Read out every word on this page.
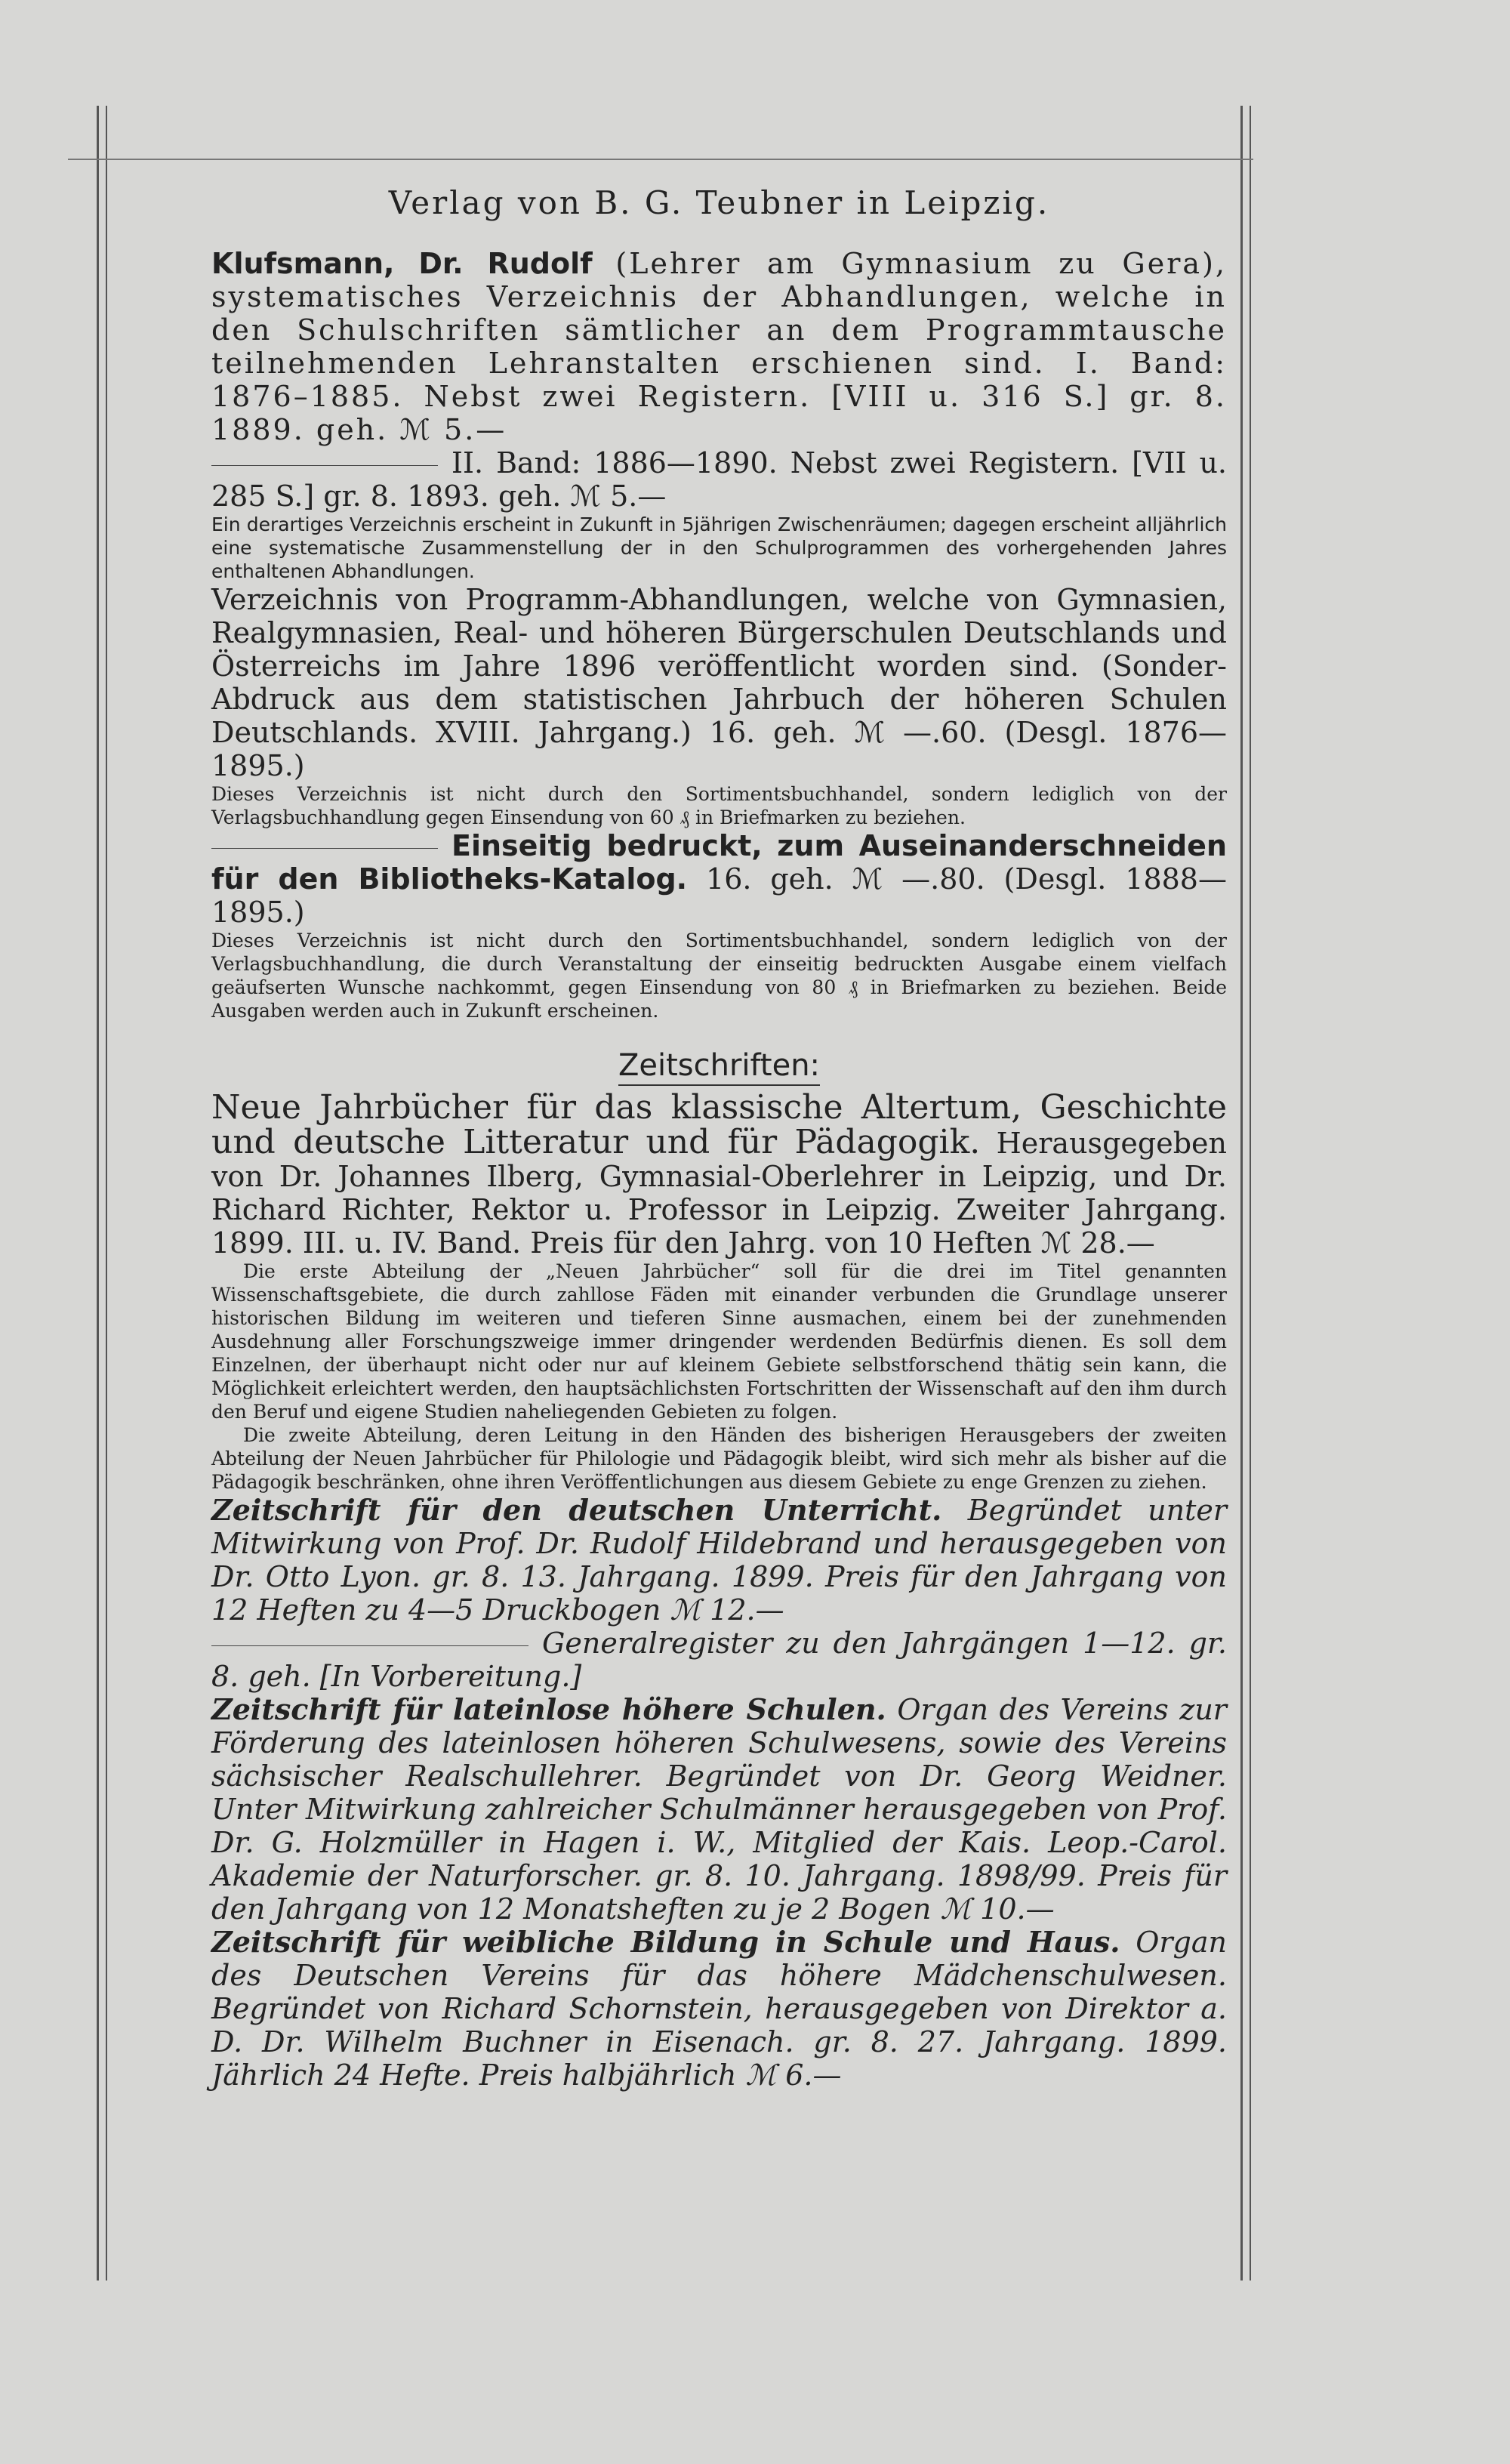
Verlag von B. G. Teubner in Leipzig.

Klufsmann, Dr. Rudolf (Lehrer am Gymnasium zu Gera), systematisches Verzeichnis der Abhandlungen, welche in den Schulschriften sämtlicher an dem Programmtausche teilnehmenden Lehranstalten erschienen sind. I. Band: 1876–1885. Nebst zwei Registern. [VIII u. 316 S.] gr. 8. 1889. geh. ℳ 5.—

II. Band: 1886—1890. Nebst zwei Registern. [VII u. 285 S.] gr. 8. 1893. geh. ℳ 5.—

Ein derartiges Verzeichnis erscheint in Zukunft in 5jährigen Zwischenräumen; dagegen erscheint alljährlich eine systematische Zusammenstellung der in den Schulprogrammen des vorhergehenden Jahres enthaltenen Abhandlungen.

Verzeichnis von Programm-Abhandlungen, welche von Gymnasien, Realgymnasien, Real- und höheren Bürgerschulen Deutschlands und Österreichs im Jahre 1896 veröffentlicht worden sind. (Sonder-Abdruck aus dem statistischen Jahrbuch der höheren Schulen Deutschlands. XVIII. Jahrgang.) 16. geh. ℳ —.60. (Desgl. 1876—1895.)

Dieses Verzeichnis ist nicht durch den Sortimentsbuchhandel, sondern lediglich von der Verlagsbuchhandlung gegen Einsendung von 60 ₰ in Briefmarken zu beziehen.

Einseitig bedruckt, zum Auseinanderschneiden für den Bibliotheks-Katalog. 16. geh. ℳ —.80. (Desgl. 1888—1895.)

Dieses Verzeichnis ist nicht durch den Sortimentsbuchhandel, sondern lediglich von der Verlagsbuchhandlung, die durch Veranstaltung der einseitig bedruckten Ausgabe einem vielfach geäufserten Wunsche nachkommt, gegen Einsendung von 80 ₰ in Briefmarken zu beziehen. Beide Ausgaben werden auch in Zukunft erscheinen.

Zeitschriften:

Neue Jahrbücher für das klassische Altertum, Geschichte und deutsche Litteratur und für Pädagogik. Herausgegeben von Dr. Johannes Ilberg, Gymnasial-Oberlehrer in Leipzig, und Dr. Richard Richter, Rektor u. Professor in Leipzig. Zweiter Jahrgang. 1899. III. u. IV. Band. Preis für den Jahrg. von 10 Heften ℳ 28.—

Die erste Abteilung der „Neuen Jahrbücher“ soll für die drei im Titel genannten Wissenschaftsgebiete, die durch zahllose Fäden mit einander verbunden die Grundlage unserer historischen Bildung im weiteren und tieferen Sinne ausmachen, einem bei der zunehmenden Ausdehnung aller Forschungszweige immer dringender werdenden Bedürfnis dienen. Es soll dem Einzelnen, der überhaupt nicht oder nur auf kleinem Gebiete selbstforschend thätig sein kann, die Möglichkeit erleichtert werden, den hauptsächlichsten Fortschritten der Wissenschaft auf den ihm durch den Beruf und eigene Studien naheliegenden Gebieten zu folgen.

Die zweite Abteilung, deren Leitung in den Händen des bisherigen Herausgebers der zweiten Abteilung der Neuen Jahrbücher für Philologie und Pädagogik bleibt, wird sich mehr als bisher auf die Pädagogik beschränken, ohne ihren Veröffentlichungen aus diesem Gebiete zu enge Grenzen zu ziehen.

Zeitschrift für den deutschen Unterricht. Begründet unter Mitwirkung von Prof. Dr. Rudolf Hildebrand und herausgegeben von Dr. Otto Lyon. gr. 8. 13. Jahrgang. 1899. Preis für den Jahrgang von 12 Heften zu 4—5 Druckbogen ℳ 12.—

Generalregister zu den Jahrgängen 1—12. gr. 8. geh. [In Vorbereitung.]

Zeitschrift für lateinlose höhere Schulen. Organ des Vereins zur Förderung des lateinlosen höheren Schulwesens, sowie des Vereins sächsischer Realschullehrer. Begründet von Dr. Georg Weidner. Unter Mitwirkung zahlreicher Schulmänner herausgegeben von Prof. Dr. G. Holzmüller in Hagen i. W., Mitglied der Kais. Leop.-Carol. Akademie der Naturforscher. gr. 8. 10. Jahrgang. 1898/99. Preis für den Jahrgang von 12 Monatsheften zu je 2 Bogen ℳ 10.—

Zeitschrift für weibliche Bildung in Schule und Haus. Organ des Deutschen Vereins für das höhere Mädchenschulwesen. Begründet von Richard Schornstein, herausgegeben von Direktor a. D. Dr. Wilhelm Buchner in Eisenach. gr. 8. 27. Jahrgang. 1899. Jährlich 24 Hefte. Preis halbjährlich ℳ 6.—
